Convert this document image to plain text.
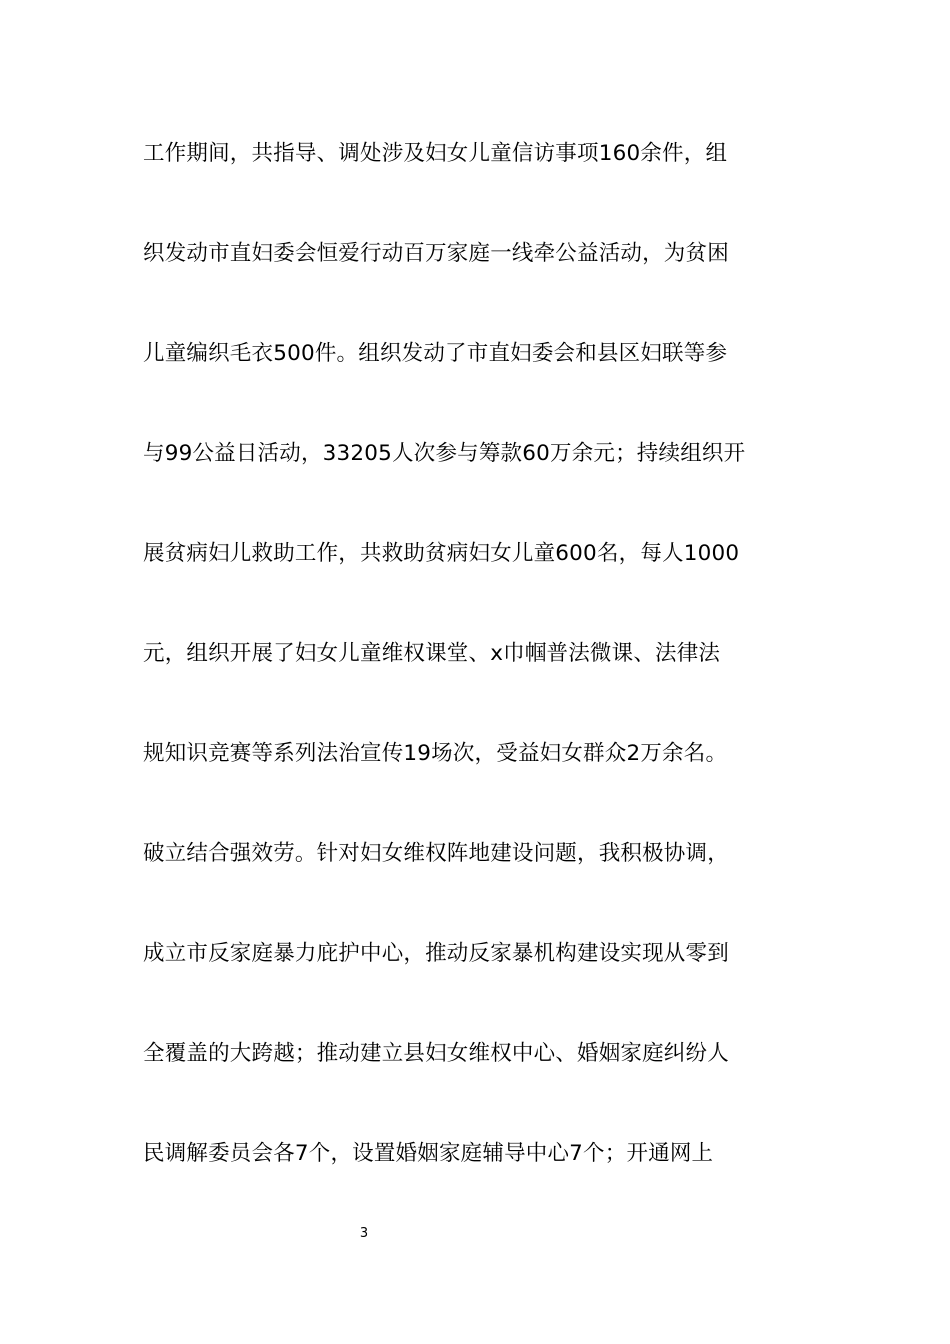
工作期间，共指导、调处涉及妇女儿童信访事项160余件，组
织发动市直妇委会恒爱行动百万家庭一线牵公益活动，为贫困
儿童编织毛衣500件。组织发动了市直妇委会和县区妇联等参
与99公益日活动，33205人次参与筹款60万余元；持续组织开
展贫病妇儿救助工作，共救助贫病妇女儿童600名，每人1000
元，组织开展了妇女儿童维权课堂、x巾帼普法微课、法律法
规知识竞赛等系列法治宣传19场次，受益妇女群众2万余名。
破立结合强效劳。针对妇女维权阵地建设问题，我积极协调，
成立市反家庭暴力庇护中心，推动反家暴机构建设实现从零到
全覆盖的大跨越；推动建立县妇女维权中心、婚姻家庭纠纷人
民调解委员会各7个，设置婚姻家庭辅导中心7个；开通网上
3
